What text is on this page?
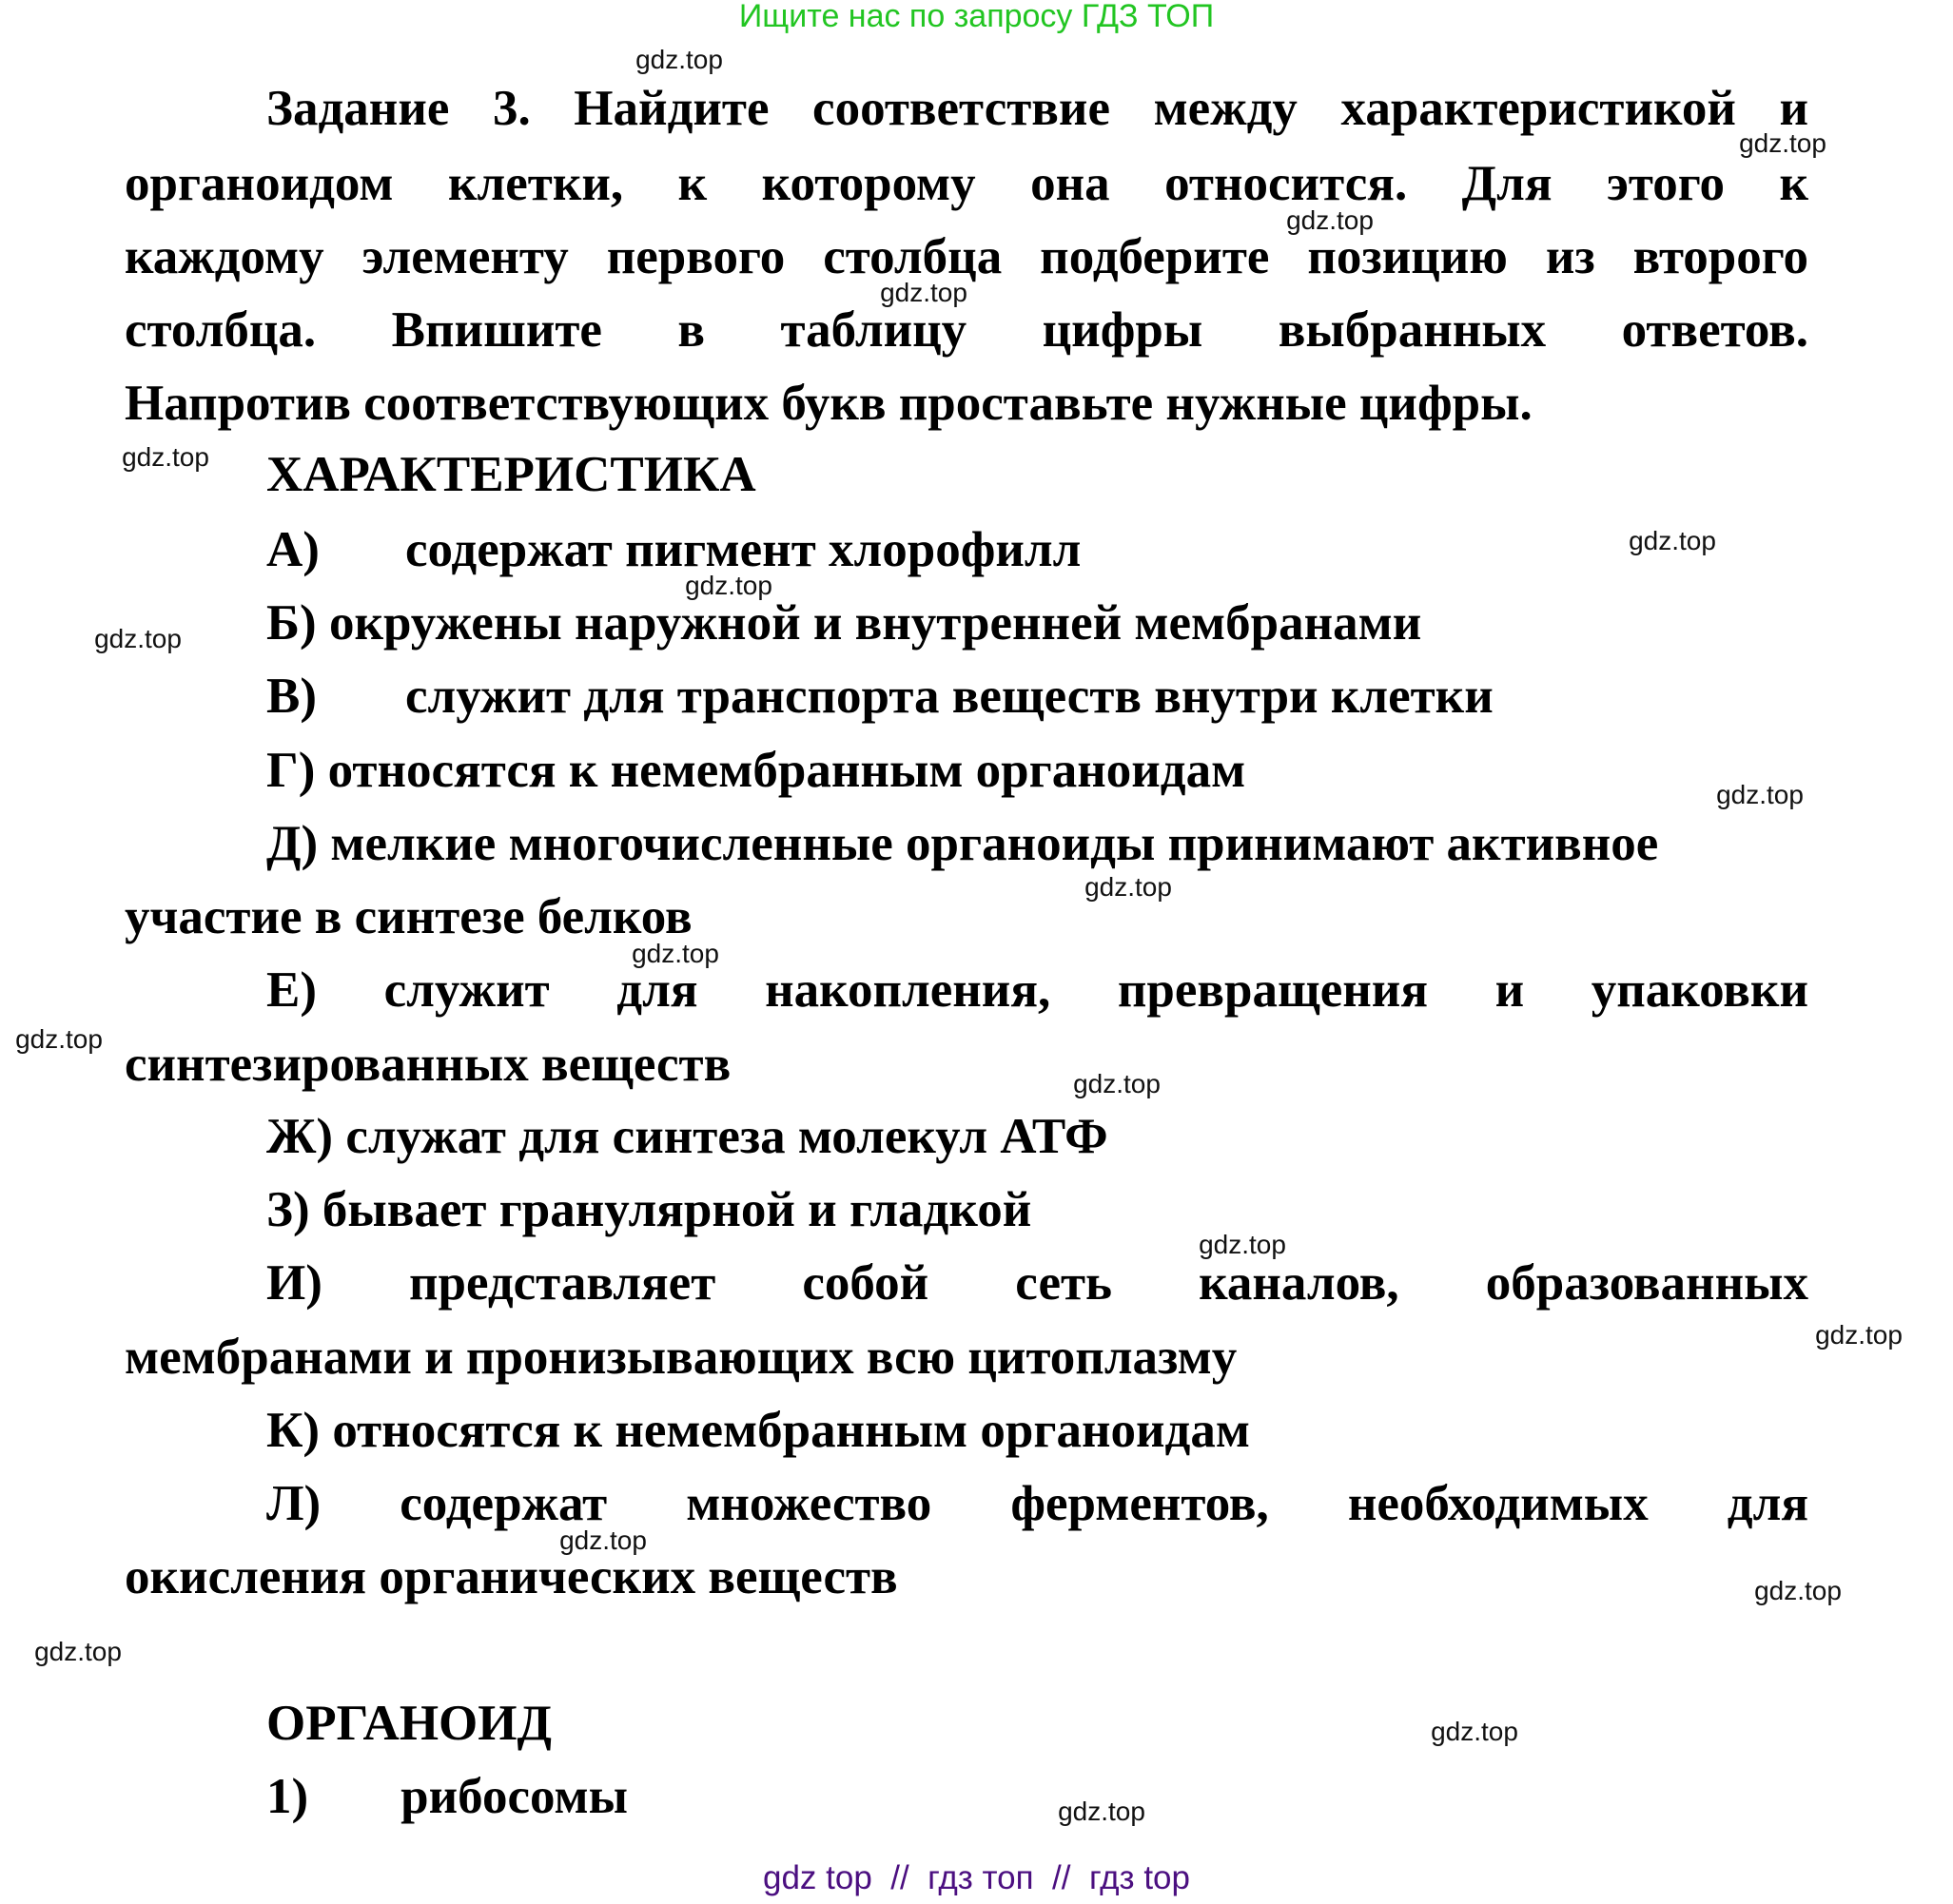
Ищите нас по запросу ГДЗ ТОП
Задание 3. Найдите соответствие между характеристикой и
органоидом клетки, к которому она относится. Для этого к
каждому элементу первого столбца подберите позицию из второго
столбца. Впишите в таблицу цифры выбранных ответов.
Напротив соответствующих букв проставьте нужные цифры.
ХАРАКТЕРИСТИКА
А) содержат пигмент хлорофилл
Б) окружены наружной и внутренней мембранами
В) служит для транспорта веществ внутри клетки
Г) относятся к немембранным органоидам
Д) мелкие многочисленные органоиды принимают активное
участие в синтезе белков
Е) служит для накопления, превращения и упаковки
синтезированных веществ
Ж) служат для синтеза молекул АТФ
З) бывает гранулярной и гладкой
И) представляет собой сеть каналов, образованных
мембранами и пронизывающих всю цитоплазму
К) относятся к немембранным органоидам
Л) содержат множество ферментов, необходимых для
окисления органических веществ
ОРГАНОИД
1) рибосомы
gdz.top
gdz.top
gdz.top
gdz.top
gdz.top
gdz.top
gdz.top
gdz.top
gdz.top
gdz.top
gdz.top
gdz.top
gdz.top
gdz.top
gdz.top
gdz.top
gdz.top
gdz.top
gdz.top
gdz.top
gdz top  //  гдз топ  //  гдз top
